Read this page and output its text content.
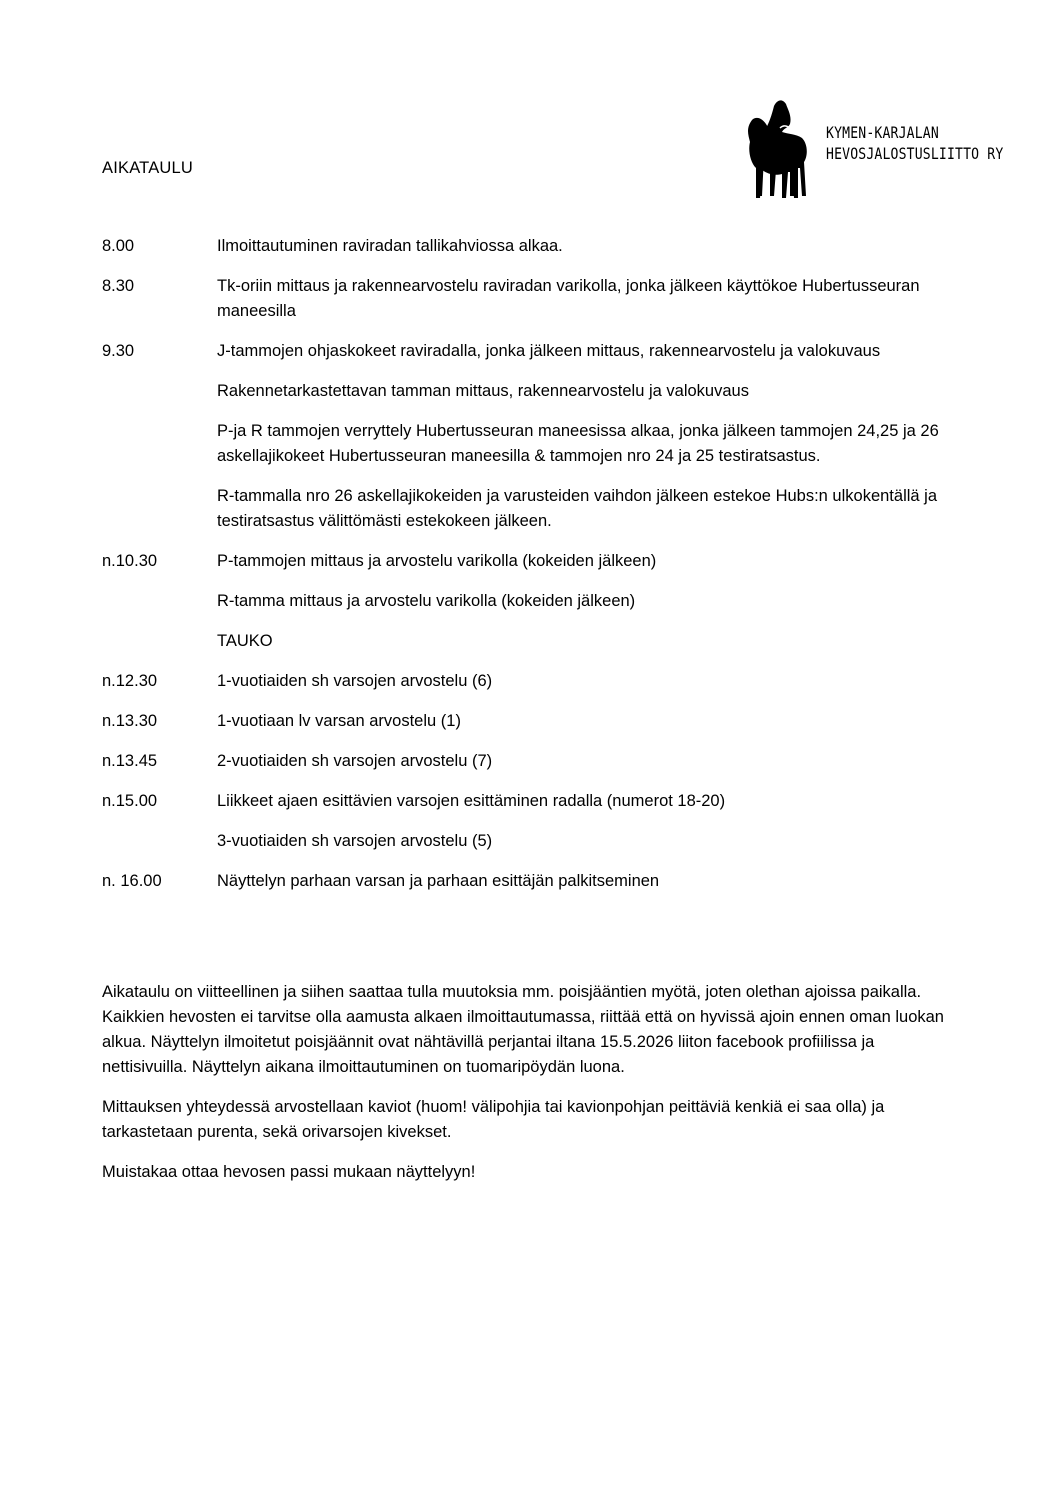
KYMEN-KARJALAN
HEVOSJALOSTUSLIITTO RY
AIKATAULU
8.00	Ilmoittautuminen raviradan tallikahviossa alkaa.
8.30	Tk-oriin mittaus ja rakennearvostelu raviradan varikolla, jonka jälkeen käyttökoe Hubertusseuran maneesilla
9.30	J-tammojen ohjaskokeet raviradalla, jonka jälkeen mittaus, rakennearvostelu ja valokuvaus
Rakennetarkastettavan tamman mittaus, rakennearvostelu ja valokuvaus
P-ja R tammojen verryttely Hubertusseuran maneesissa alkaa, jonka jälkeen tammojen 24,25 ja 26 askellajikokeet Hubertusseuran maneesilla & tammojen nro 24 ja 25 testiratsastus.
R-tammalla nro 26 askellajikokeiden ja varusteiden vaihdon jälkeen estekoe Hubs:n ulkokentällä ja testiratsastus välittömästi estekokeen jälkeen.
n.10.30	P-tammojen mittaus ja arvostelu varikolla (kokeiden jälkeen)
R-tamma mittaus ja arvostelu varikolla (kokeiden jälkeen)
TAUKO
n.12.30	1-vuotiaiden sh varsojen arvostelu (6)
n.13.30	1-vuotiaan lv varsan arvostelu (1)
n.13.45	2-vuotiaiden sh varsojen arvostelu (7)
n.15.00	Liikkeet ajaen esittävien varsojen esittäminen radalla (numerot 18-20)
3-vuotiaiden sh varsojen arvostelu (5)
n. 16.00	Näyttelyn parhaan varsan ja parhaan esittäjän palkitseminen

Aikataulu on viitteellinen ja siihen saattaa tulla muutoksia mm. poisjääntien myötä, joten olethan ajoissa paikalla. Kaikkien hevosten ei tarvitse olla aamusta alkaen ilmoittautumassa, riittää että on hyvissä ajoin ennen oman luokan alkua. Näyttelyn ilmoitetut poisjäännit ovat nähtävillä perjantai iltana 15.5.2026 liiton facebook profiilissa ja nettisivuilla. Näyttelyn aikana ilmoittautuminen on tuomaripöydän luona.

Mittauksen yhteydessä arvostellaan kaviot (huom! välipohjia tai kavionpohjan peittäviä kenkiä ei saa olla) ja tarkastetaan purenta, sekä orivarsojen kivekset.

Muistakaa ottaa hevosen passi mukaan näyttelyyn!
